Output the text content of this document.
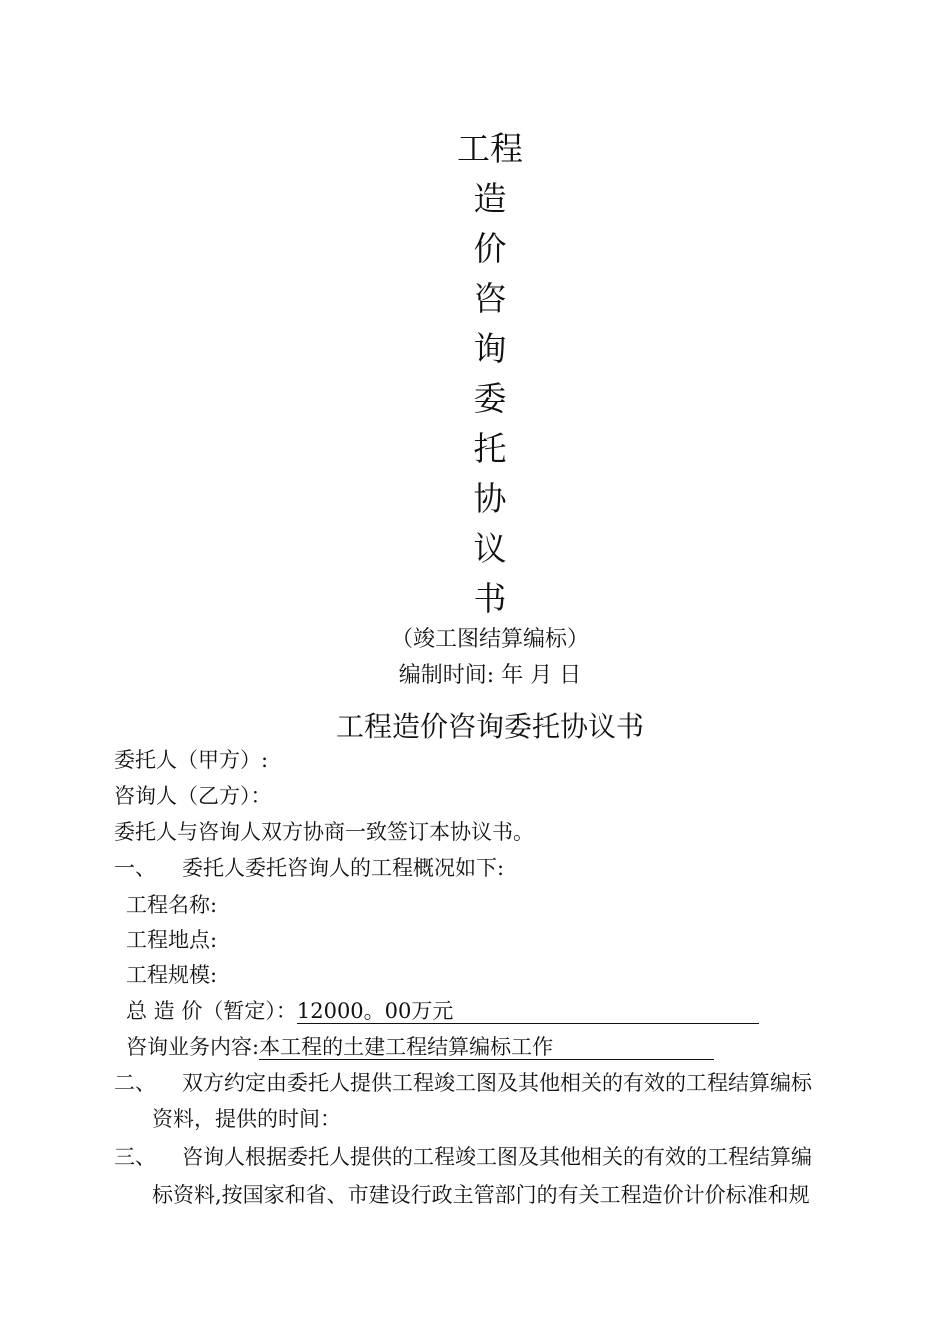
工程
造
价
咨
询
委
托
协
议
书
（竣工图结算编标）
编制时间: 年 月 日
工程造价咨询委托协议书
委托人（甲方）:
咨询人（乙方）：
委托人与咨询人双方协商一致签订本协议书。
一、 委托人委托咨询人的工程概况如下:
工程名称:
工程地点:
工程规模:
总 造 价（暂定）：12000。00万元
咨询业务内容:本工程的土建工程结算编标工作
二、 双方约定由委托人提供工程竣工图及其他相关的有效的工程结算编标
资料，提供的时间：
三、 咨询人根据委托人提供的工程竣工图及其他相关的有效的工程结算编
标资料,按国家和省、市建设行政主管部门的有关工程造价计价标准和规
